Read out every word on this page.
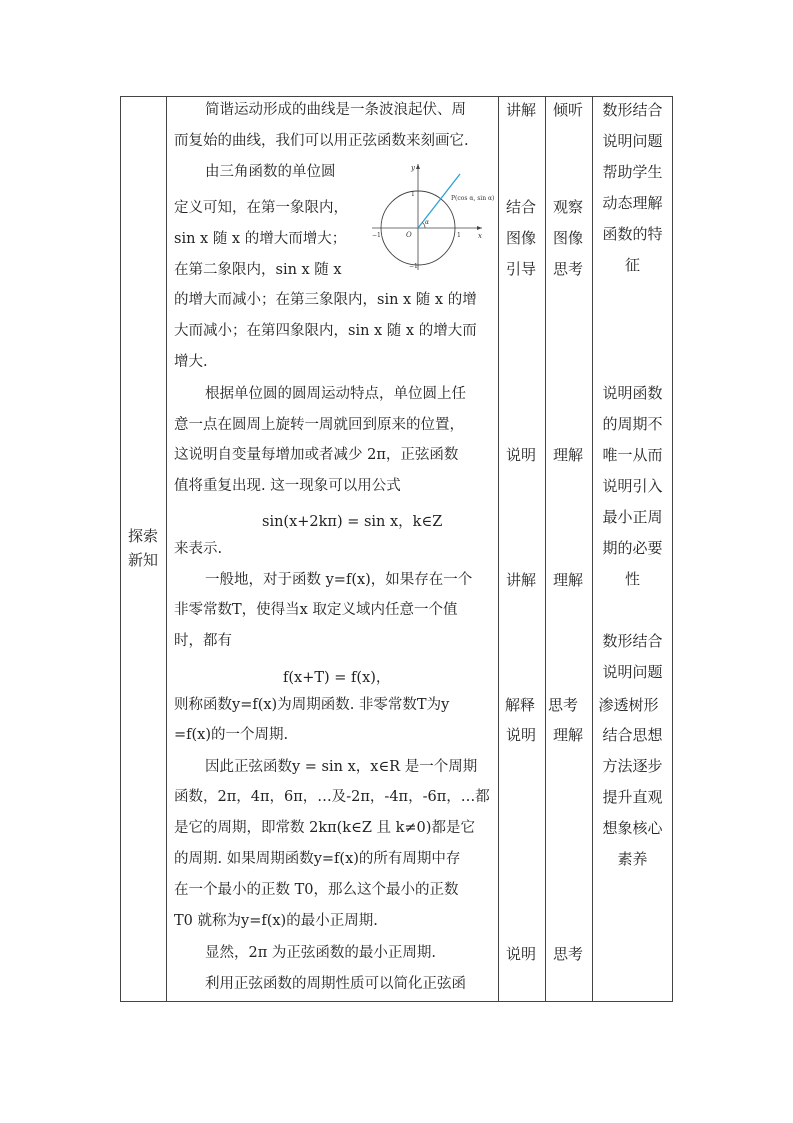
探索
新知
简谐运动形成的曲线是一条波浪起伏、周
而复始的曲线，我们可以用正弦函数来刻画它.
由三角函数的单位圆
定义可知，在第一象限内，
sin x 随 x 的增大而增大；
在第二象限内，sin x 随 x
的增大而减小；在第三象限内，sin x 随 x 的增
大而减小；在第四象限内，sin x 随 x 的增大而
增大.
根据单位圆的圆周运动特点，单位圆上任
意一点在圆周上旋转一周就回到原来的位置，
这说明自变量每增加或者减少 2π，正弦函数
值将重复出现. 这一现象可以用公式
sin(x+2kπ) = sin x，k∈Z
来表示.
一般地，对于函数 y=f(x)，如果存在一个
非零常数T，使得当x 取定义域内任意一个值
时，都有
f(x+T) = f(x)，
则称函数y=f(x)为周期函数. 非零常数T为y
=f(x)的一个周期.
因此正弦函数y = sin x，x∈R 是一个周期
函数，2π，4π，6π，…及-2π，-4π，-6π，…都
是它的周期，即常数 2kπ(k∈Z 且 k≠0)都是它
的周期. 如果周期函数y=f(x)的所有周期中存
在一个最小的正数 T0，那么这个最小的正数
T0 就称为y=f(x)的最小正周期.
显然，2π 为正弦函数的最小正周期.
利用正弦函数的周期性质可以简化正弦函
P(cos α, sin α)
O	x
y
1
−1
1
−1
α
讲解
结合
图像
引导
说明
讲解
解释
说明
说明
倾听
观察
图像
思考
理解
理解
思考
理解
思考
数形结合
说明问题
帮助学生
动态理解
函数的特
征
说明函数
的周期不
唯一从而
说明引入
最小正周
期的必要
性
数形结合
说明问题
渗透树形
结合思想
方法逐步
提升直观
想象核心
素养
